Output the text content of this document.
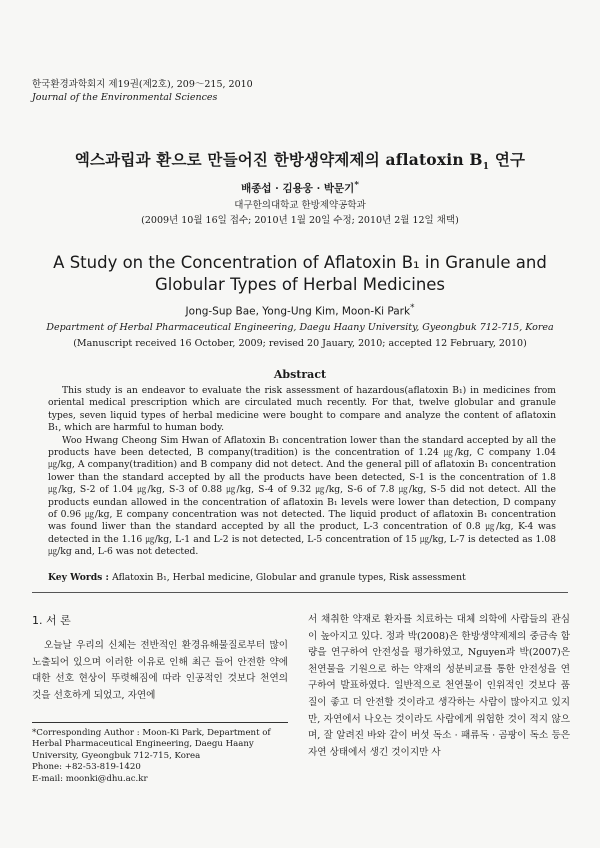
한국환경과학회지 제19권(제2호), 209～215, 2010
Journal of the Environmental Sciences
엑스과립과 환으로 만들어진 한방생약제제의 aflatoxin $B_1$ 연구
배종섭 · 김용웅 · 박문기*
대구한의대학교 한방제약공학과
(2009년 10월 16일 접수; 2010년 1월 20일 수정; 2010년 2월 12일 채택)
A Study on the Concentration of Aflatoxin B₁ in Granule and
Globular Types of Herbal Medicines
Jong-Sup Bae, Yong-Ung Kim, Moon-Ki Park*
Department of Herbal Pharmaceutical Engineering, Daegu Haany University, Gyeongbuk 712-715, Korea
(Manuscript received 16 October, 2009; revised 20 Jauary, 2010; accepted 12 February, 2010)
Abstract

This study is an endeavor to evaluate the risk assessment of hazardous(aflatoxin B₁) in medicines from oriental medical prescription which are circulated much recently. For that, twelve globular and granule types, seven liquid types of herbal medicine were bought to compare and analyze the content of aflatoxin B₁, which are harmful to human body.

Woo Hwang Cheong Sim Hwan of Aflatoxin B₁ concentration lower than the standard accepted by all the products have been detected, B company(tradition) is the concentration of 1.24 ㎍/kg, C company 1.04 ㎍/kg, A company(tradition) and B company did not detect. And the general pill of aflatoxin B₁ concentration lower than the standard accepted by all the products have been detected, S-1 is the concentration of 1.8 ㎍/kg, S-2 of 1.04 ㎍/kg, S-3 of 0.88 ㎍/kg, S-4 of 9.32 ㎍/kg, S-6 of 7.8 ㎍/kg, S-5 did not detect. All the products eundan allowed in the concentration of aflatoxin B₁ levels were lower than detection, D company of 0.96 ㎍/kg, E company concentration was not detected. The liquid product of aflatoxin B₁ concentration was found liwer than the standard accepted by all the product, L-3 concentration of 0.8 ㎍/kg, K-4 was detected in the 1.16 ㎍/kg, L-1 and L-2 is not detected, L-5 concentration of 15 ㎍/kg, L-7 is detected as 1.08 ㎍/kg and, L-6 was not detected.

Key Words : Aflatoxin B₁, Herbal medicine, Globular and granule types, Risk assessment
1. 서 론

오늘날 우리의 신체는 전반적인 환경유해물질로부터 많이 노출되어 있으며 이러한 이유로 인해 최근 들어 안전한 약에 대한 선호 현상이 뚜렷해짐에 따라 인공적인 것보다 천연의 것을 선호하게 되었고, 자연에

서 채취한 약재로 환자를 치료하는 대체 의학에 사람들의 관심이 높아지고 있다. 정과 박(2008)은 한방생약제제의 중금속 함량을 연구하여 안전성을 평가하였고, Nguyen과 박(2007)은 천연물을 기원으로 하는 약재의 성분비교를 통한 안전성을 연구하여 발표하였다. 일반적으로 천연물이 인위적인 것보다 품질이 좋고 더 안전할 것이라고 생각하는 사람이 많아지고 있지만, 자연에서 나오는 것이라도 사람에게 위험한 것이 적지 않으며, 잘 알려진 바와 같이 버섯 독소 · 패류독 · 곰팡이 독소 등은 자연 상태에서 생긴 것이지만 사

*Corresponding Author : Moon-Ki Park, Department of Herbal Pharmaceutical Engineering, Daegu Haany University, Gyeongbuk 712-715, Korea

Phone: +82-53-819-1420

E-mail: moonki@dhu.ac.kr
